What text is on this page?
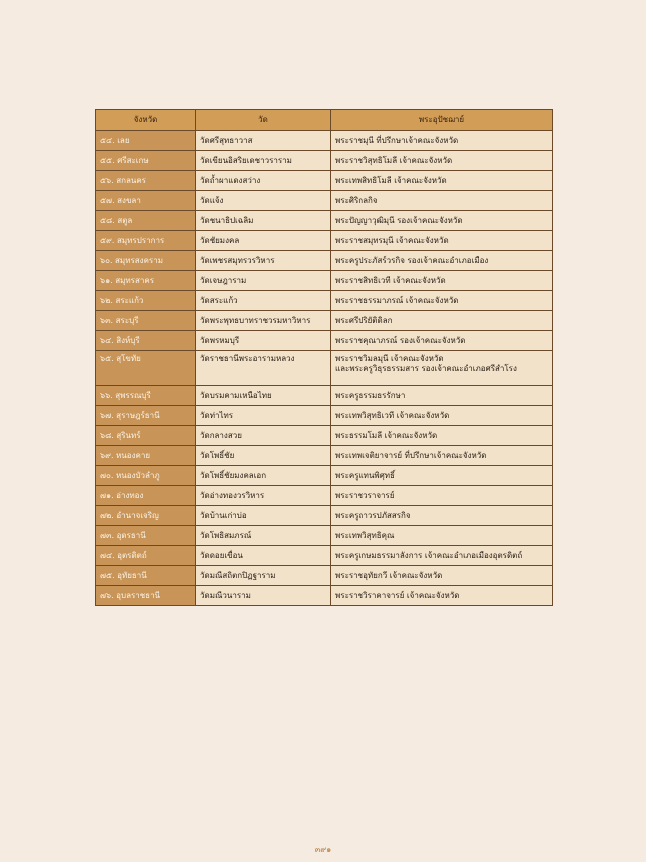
จังหวัด	วัด	พระอุปัชฌาย์
๕๔. เลย	วัดศรีสุทธาวาส	พระราชมุนี ที่ปรึกษาเจ้าคณะจังหวัด
๕๕. ศรีสะเกษ	วัดเขียนอิสริยเดชาวราราม	พระราชวิสุทธิโมลี เจ้าคณะจังหวัด
๕๖. สกลนคร	วัดถ้ำผาแดงสว่าง	พระเทพสิทธิโมลี เจ้าคณะจังหวัด
๕๗. สงขลา	วัดแจ้ง	พระศิริกลกิจ
๕๘. สตูล	วัดชนาธิปเฉลิม	พระปัญญาวุฒิมุนี รองเจ้าคณะจังหวัด
๕๙. สมุทรปราการ	วัดชัยมงคล	พระราชสมุทรมุนี เจ้าคณะจังหวัด
๖๐. สมุทรสงคราม	วัดเพชรสมุทรวรวิหาร	พระครูประภัสร์วรกิจ รองเจ้าคณะอำเภอเมือง
๖๑. สมุทรสาคร	วัดเจษฎาราม	พระราชสิทธิเวที เจ้าคณะจังหวัด
๖๒. สระแก้ว	วัดสระแก้ว	พระราชธรรมาภรณ์ เจ้าคณะจังหวัด
๖๓. สระบุรี	วัดพระพุทธบาทราชวรมหาวิหาร	พระศรีปริยัติดิลก
๖๔. สิงห์บุรี	วัดพรหมบุรี	พระราชคุณาภรณ์ รองเจ้าคณะจังหวัด
๖๕. สุโขทัย	วัดราชธานีพระอารามหลวง	พระราชวิมลมุนี เจ้าคณะจังหวัด
และพระครูวิธุรธรรมสาร รองเจ้าคณะอำเภอศรีสำโรง

๖๖. สุพรรณบุรี	วัดบรมคามเหนือไทย	พระครูธรรมธรรักษา
๖๗. สุราษฎร์ธานี	วัดท่าไทร	พระเทพวิสุทธิเวที เจ้าคณะจังหวัด
๖๘. สุรินทร์	วัดกลางสวย	พระธรรมโมลี เจ้าคณะจังหวัด
๖๙. หนองคาย	วัดโพธิ์ชัย	พระเทพเจติยาจารย์ ที่ปรึกษาเจ้าคณะจังหวัด
๗๐. หนองบัวลำภู	วัดโพธิ์ชัยมงคลเอก	พระครูแทนพิศุทธิ์
๗๑. อ่างทอง	วัดอ่างทองวรวิหาร	พระราชวราจารย์
๗๒. อำนาจเจริญ	วัดบ้านเก่าบ่อ	พระครูถาวรปภัสสรกิจ
๗๓. อุดรธานี	วัดโพธิสมภรณ์	พระเทพวิสุทธิคุณ
๗๔. อุตรดิตถ์	วัดดอยเขื่อน	พระครูเกษมธรรมาลังการ เจ้าคณะอำเภอเมืองอุตรดิตถ์
๗๕. อุทัยธานี	วัดมณีสถิตกปิฏฐาราม	พระราชอุทัยกวี เจ้าคณะจังหวัด
๗๖. อุบลราชธานี	วัดมณีวนาราม	พระราชวิราคาจารย์ เจ้าคณะจังหวัด
๓๙๑
